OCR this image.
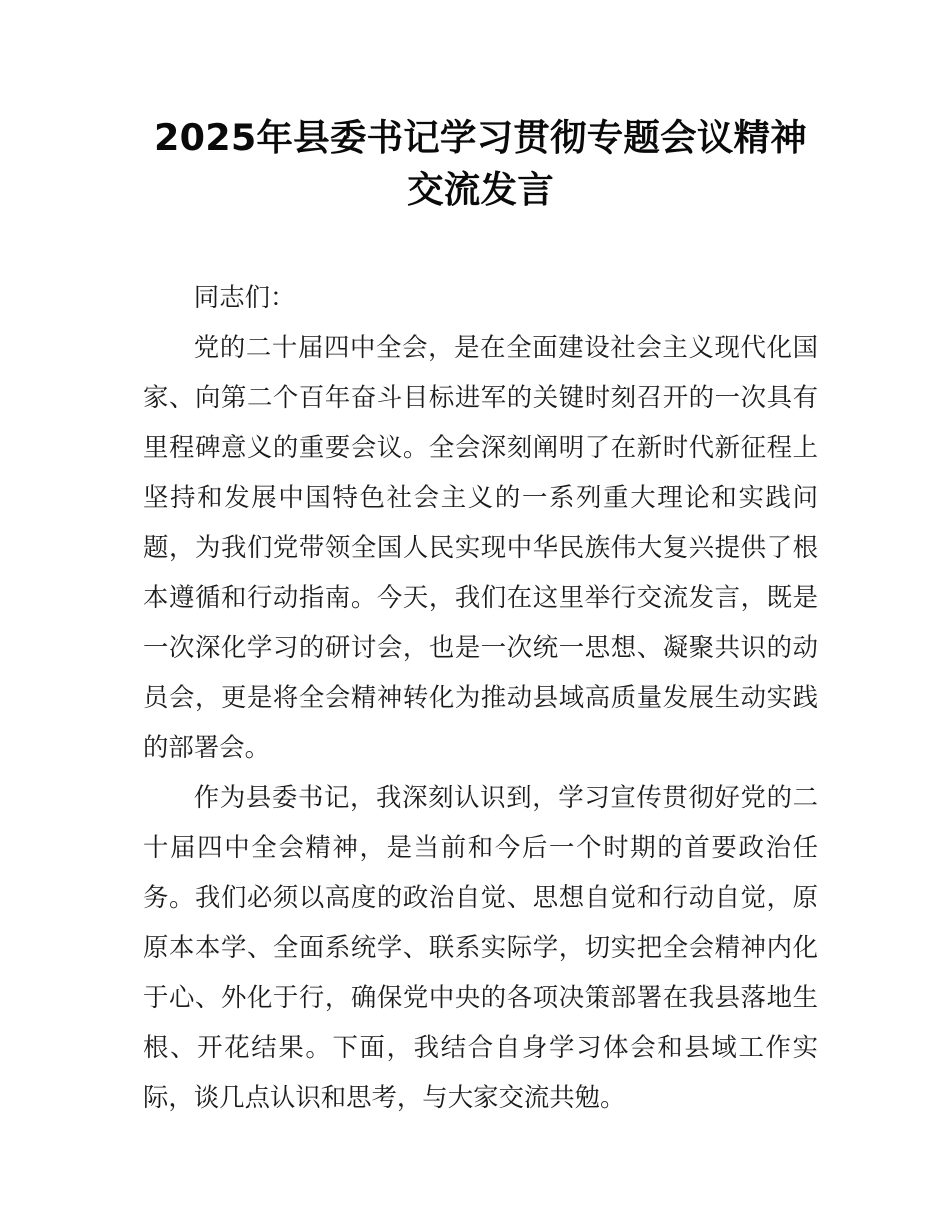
2025年县委书记学习贯彻专题会议精神交流发言

同志们：

党的二十届四中全会，是在全面建设社会主义现代化国家、向第二个百年奋斗目标进军的关键时刻召开的一次具有里程碑意义的重要会议。全会深刻阐明了在新时代新征程上坚持和发展中国特色社会主义的一系列重大理论和实践问题，为我们党带领全国人民实现中华民族伟大复兴提供了根本遵循和行动指南。今天，我们在这里举行交流发言，既是一次深化学习的研讨会，也是一次统一思想、凝聚共识的动员会，更是将全会精神转化为推动县域高质量发展生动实践的部署会。

作为县委书记，我深刻认识到，学习宣传贯彻好党的二十届四中全会精神，是当前和今后一个时期的首要政治任务。我们必须以高度的政治自觉、思想自觉和行动自觉，原原本本学、全面系统学、联系实际学，切实把全会精神内化于心、外化于行，确保党中央的各项决策部署在我县落地生根、开花结果。下面，我结合自身学习体会和县域工作实际，谈几点认识和思考，与大家交流共勉。
